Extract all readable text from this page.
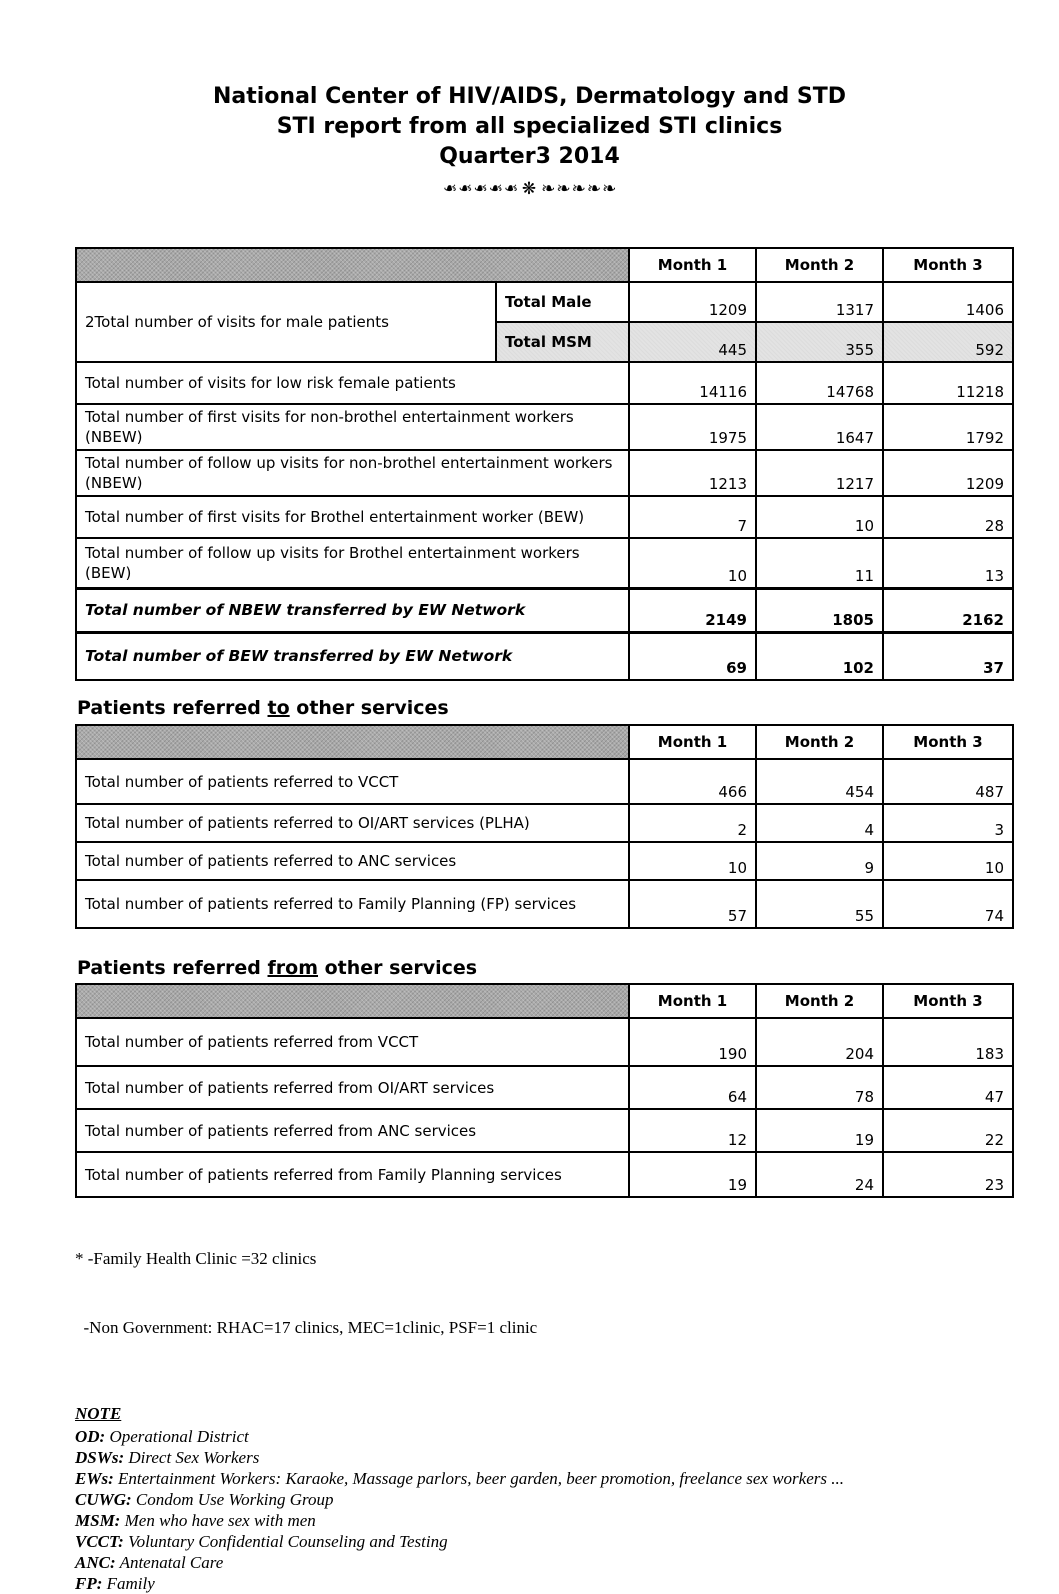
National Center of HIV/AIDS, Dermatology and STD
STI report from all specialized STI clinics
Quarter3 2014
❧❧❧❧❧ ❋ ❧❧❧❧❧
		Month 1	Month 2	Month 3
2Total number of visits for male patients	Total Male	1209	1317	1406
	Total MSM	445	355	592
Total number of visits for low risk female patients		14116	14768	11218
Total number of first visits for non-brothel entertainment workers (NBEW)		1975	1647	1792
Total number of follow up visits for non-brothel entertainment workers (NBEW)		1213	1217	1209
Total number of first visits for Brothel entertainment worker (BEW)		7	10	28
Total number of follow up visits for Brothel entertainment workers (BEW)		10	11	13
Total number of NBEW transferred by EW Network		2149	1805	2162
Total number of BEW transferred by EW Network		69	102	37
Patients referred to other services
	Month 1	Month 2	Month 3
Total number of patients referred to VCCT	466	454	487
Total number of patients referred to OI/ART services (PLHA)	2	4	3
Total number of patients referred to ANC services	10	9	10
Total number of patients referred to Family Planning (FP) services	57	55	74
Patients referred from other services
	Month 1	Month 2	Month 3
Total number of patients referred from VCCT	190	204	183
Total number of patients referred from OI/ART services	64	78	47
Total number of patients referred from ANC services	12	19	22
Total number of patients referred from Family Planning services	19	24	23

* -Family Health Clinic =32 clinics

-Non Government: RHAC=17 clinics, MEC=1clinic, PSF=1 clinic

NOTE
OD: Operational District
DSWs: Direct Sex Workers
EWs: Entertainment Workers: Karaoke, Massage parlors, beer garden, beer promotion, freelance sex workers ...
CUWG: Condom Use Working Group
MSM: Men who have sex with men
VCCT: Voluntary Confidential Counseling and Testing
ANC: Antenatal Care
FP: Family
